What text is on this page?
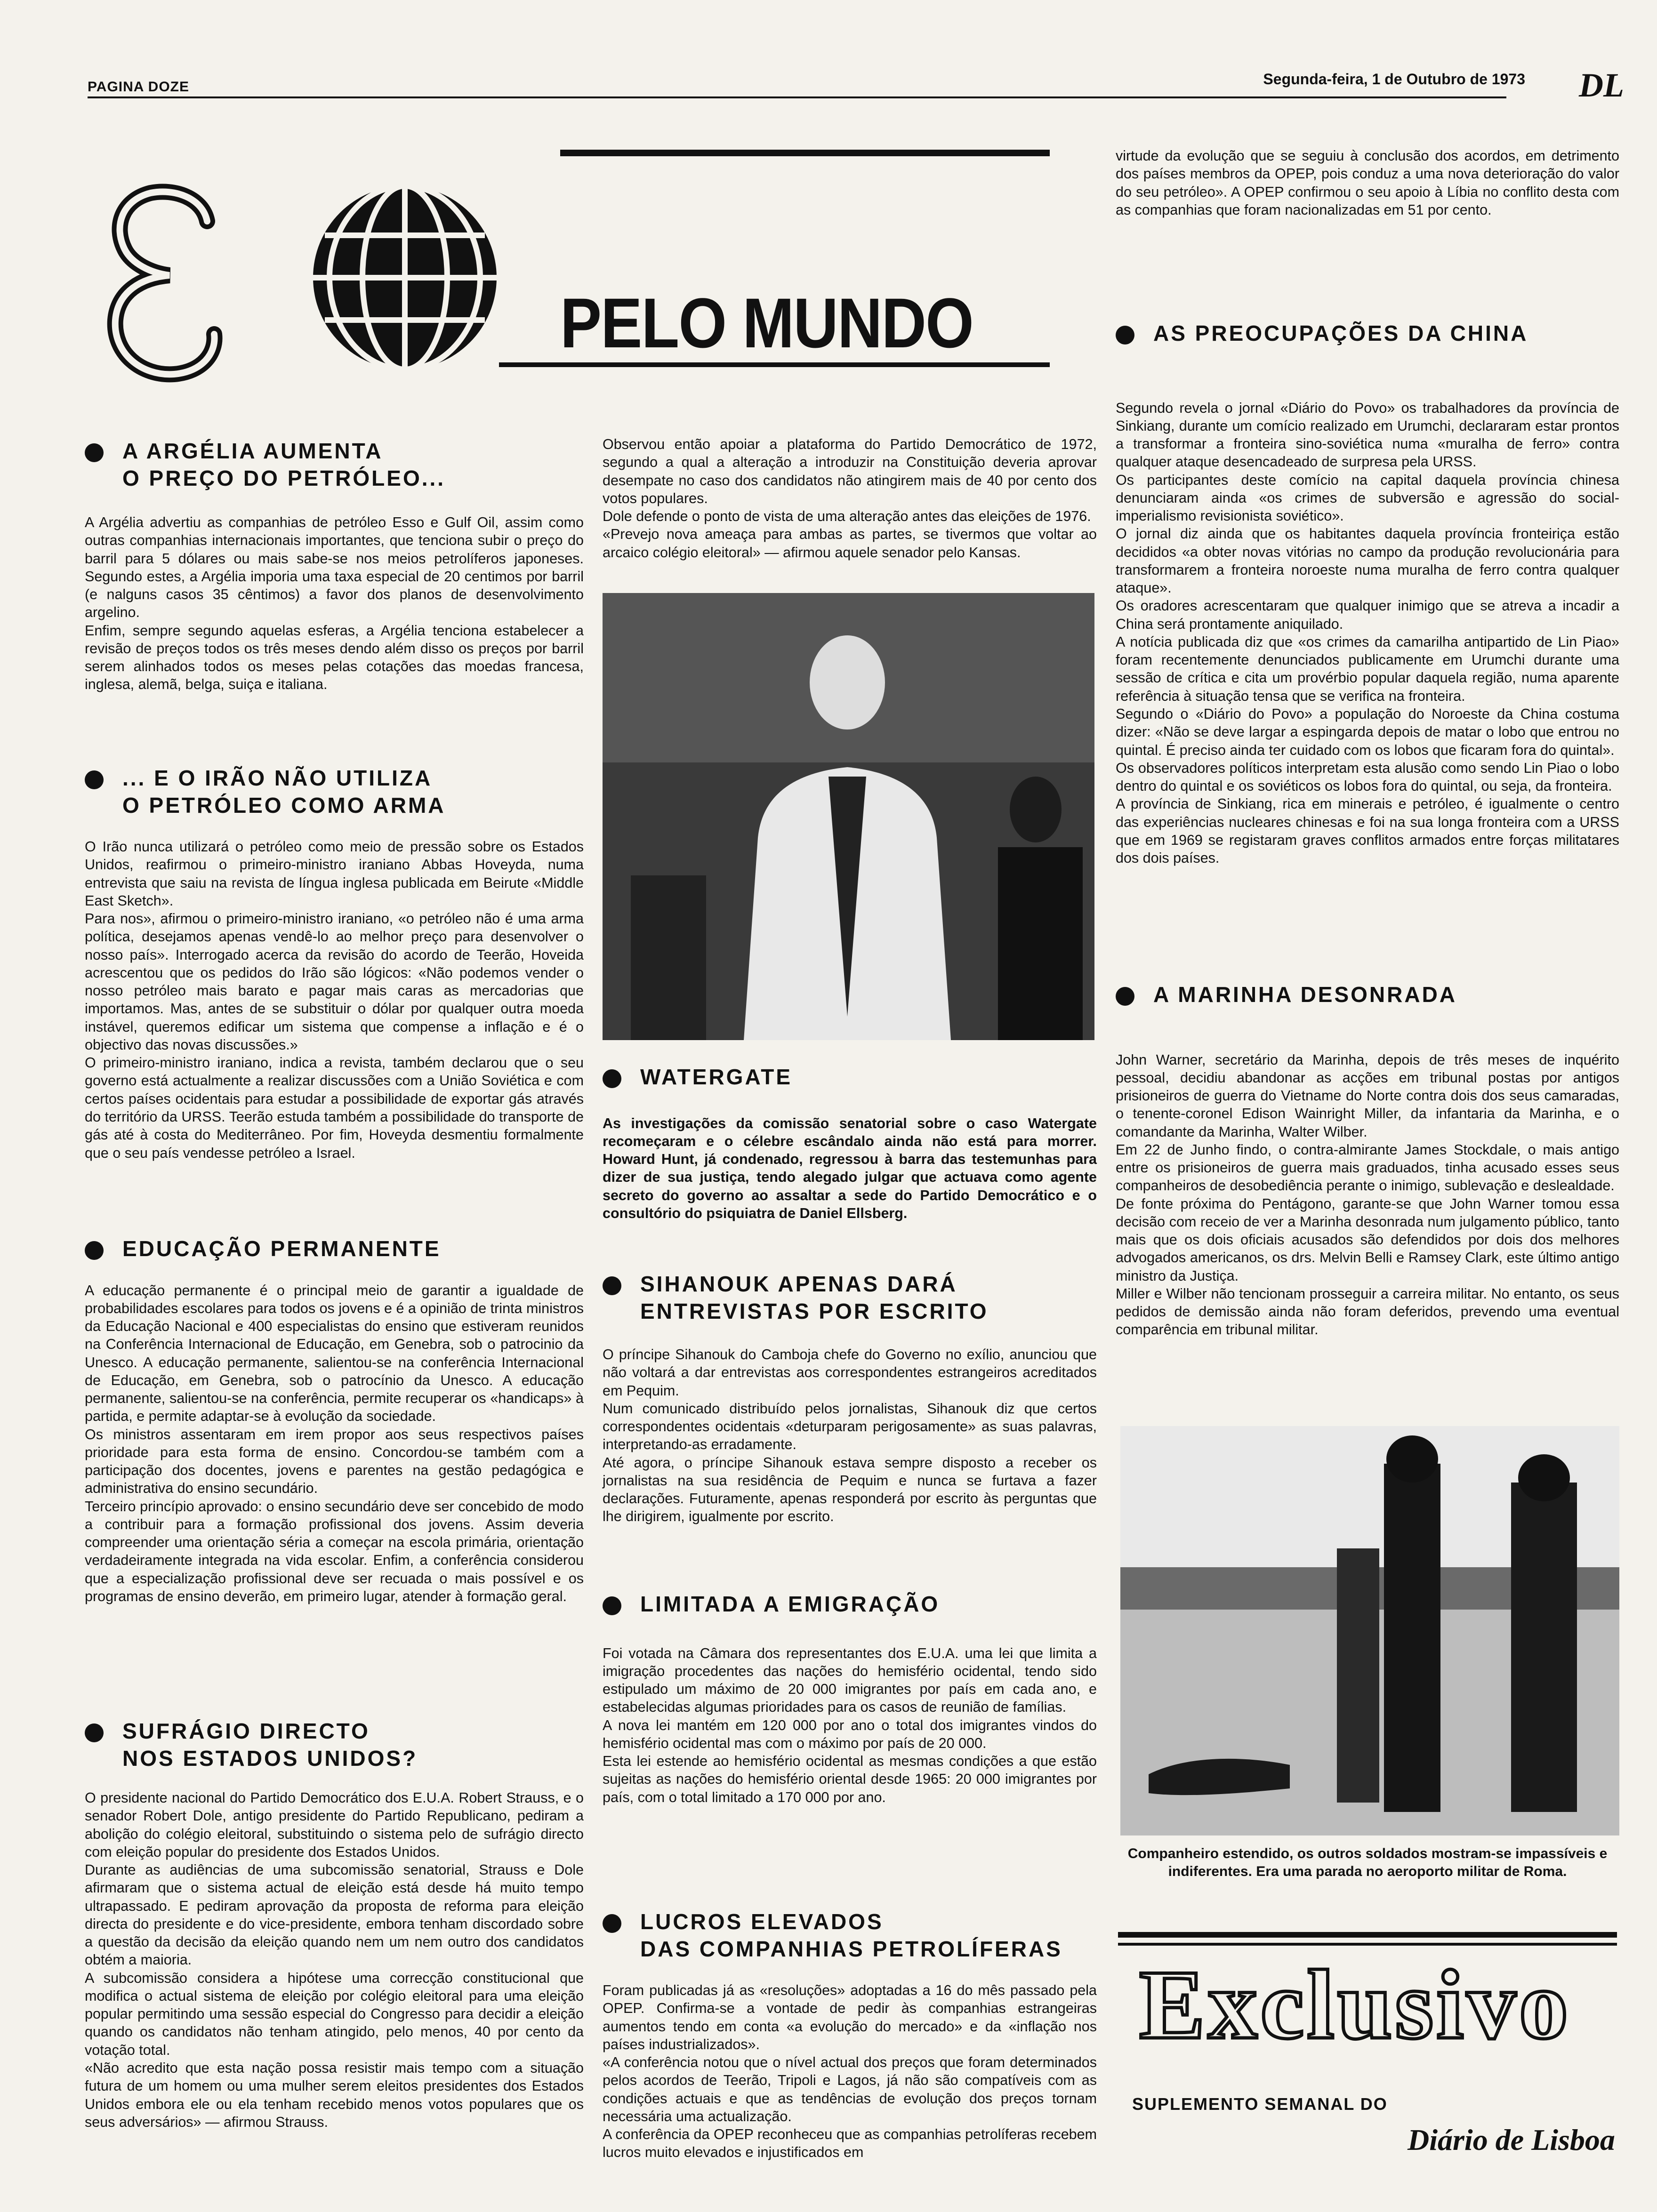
PAGINA DOZE	Segunda-feira, 1 de Outubro de 1973 DL
PELO MUNDO
A ARGÉLIA AUMENTA
O PREÇO DO PETRÓLEO...
A Argélia advertiu as companhias de petróleo Esso e Gulf Oil, assim como outras companhias internacionais importantes, que tenciona subir o preço do barril para 5 dólares ou mais sabe-se nos meios petrolíferos japoneses. Segundo estes, a Argélia imporia uma taxa especial de 20 centimos por barril (e nalguns casos 35 cêntimos) a favor dos planos de desenvolvimento argelino.
Enfim, sempre segundo aquelas esferas, a Argélia tenciona estabelecer a revisão de preços todos os três meses dendo além disso os preços por barril serem alinhados todos os meses pelas cotações das moedas francesa, inglesa, alemã, belga, suiça e italiana.
... E O IRÃO NÃO UTILIZA
O PETRÓLEO COMO ARMA
O Irão nunca utilizará o petróleo como meio de pressão sobre os Estados Unidos, reafirmou o primeiro-ministro iraniano Abbas Hoveyda, numa entrevista que saiu na revista de língua inglesa publicada em Beirute «Middle East Sketch».
Para nos», afirmou o primeiro-ministro iraniano, «o petróleo não é uma arma política, desejamos apenas vendê-lo ao melhor preço para desenvolver o nosso país». Interrogado acerca da revisão do acordo de Teerão, Hoveida acrescentou que os pedidos do Irão são lógicos: «Não podemos vender o nosso petróleo mais barato e pagar mais caras as mercadorias que importamos. Mas, antes de se substituir o dólar por qualquer outra moeda instável, queremos edificar um sistema que compense a inflação e é o objectivo das novas discussões.»
O primeiro-ministro iraniano, indica a revista, também declarou que o seu governo está actualmente a realizar discussões com a União Soviética e com certos países ocidentais para estudar a possibilidade de exportar gás através do território da URSS. Teerão estuda também a possibilidade do transporte de gás até à costa do Mediterrâneo. Por fim, Hoveyda desmentiu formalmente que o seu país vendesse petróleo a Israel.
EDUCAÇÃO PERMANENTE
A educação permanente é o principal meio de garantir a igualdade de probabilidades escolares para todos os jovens e é a opinião de trinta ministros da Educação Nacional e 400 especialistas do ensino que estiveram reunidos na Conferência Internacional de Educação, em Genebra, sob o patrocinio da Unesco. A educação permanente, salientou-se na conferência Internacional de Educação, em Genebra, sob o patrocínio da Unesco. A educação permanente, salientou-se na conferência, permite recuperar os «handicaps» à partida, e permite adaptar-se à evolução da sociedade.
Os ministros assentaram em irem propor aos seus respectivos países prioridade para esta forma de ensino. Concordou-se também com a participação dos docentes, jovens e parentes na gestão pedagógica e administrativa do ensino secundário.
Terceiro princípio aprovado: o ensino secundário deve ser concebido de modo a contribuir para a formação profissional dos jovens. Assim deveria compreender uma orientação séria a começar na escola primária, orientação verdadeiramente integrada na vida escolar. Enfim, a conferência considerou que a especialização profissional deve ser recuada o mais possível e os programas de ensino deverão, em primeiro lugar, atender à formação geral.
SUFRÁGIO DIRECTO
NOS ESTADOS UNIDOS?
O presidente nacional do Partido Democrático dos E.U.A. Robert Strauss, e o senador Robert Dole, antigo presidente do Partido Republicano, pediram a abolição do colégio eleitoral, substituindo o sistema pelo de sufrágio directo com eleição popular do presidente dos Estados Unidos.
Durante as audiências de uma subcomissão senatorial, Strauss e Dole afirmaram que o sistema actual de eleição está desde há muito tempo ultrapassado. E pediram aprovação da proposta de reforma para eleição directa do presidente e do vice-presidente, embora tenham discordado sobre a questão da decisão da eleição quando nem um nem outro dos candidatos obtém a maioria.
A subcomissão considera a hipótese uma correcção constitucional que modifica o actual sistema de eleição por colégio eleitoral para uma eleição popular permitindo uma sessão especial do Congresso para decidir a eleição quando os candidatos não tenham atingido, pelo menos, 40 por cento da votação total.
«Não acredito que esta nação possa resistir mais tempo com a situação futura de um homem ou uma mulher serem eleitos presidentes dos Estados Unidos embora ele ou ela tenham recebido menos votos populares que os seus adversários» — afirmou Strauss.
Observou então apoiar a plataforma do Partido Democrático de 1972, segundo a qual a alteração a introduzir na Constituição deveria aprovar desempate no caso dos candidatos não atingirem mais de 40 por cento dos votos populares.
Dole defende o ponto de vista de uma alteração antes das eleições de 1976.
«Prevejo nova ameaça para ambas as partes, se tivermos que voltar ao arcaico colégio eleitoral» — afirmou aquele senador pelo Kansas.
WATERGATE
As investigações da comissão senatorial sobre o caso Watergate recomeçaram e o célebre escândalo ainda não está para morrer. Howard Hunt, já condenado, regressou à barra das testemunhas para dizer de sua justiça, tendo alegado julgar que actuava como agente secreto do governo ao assaltar a sede do Partido Democrático e o consultório do psiquiatra de Daniel Ellsberg.
SIHANOUK APENAS DARÁ
ENTREVISTAS POR ESCRITO
O príncipe Sihanouk do Camboja chefe do Governo no exílio, anunciou que não voltará a dar entrevistas aos correspondentes estrangeiros acreditados em Pequim.
Num comunicado distribuído pelos jornalistas, Sihanouk diz que certos correspondentes ocidentais «deturparam perigosamente» as suas palavras, interpretando-as erradamente.
Até agora, o príncipe Sihanouk estava sempre disposto a receber os jornalistas na sua residência de Pequim e nunca se furtava a fazer declarações. Futuramente, apenas responderá por escrito às perguntas que lhe dirigirem, igualmente por escrito.
LIMITADA A EMIGRAÇÃO
Foi votada na Câmara dos representantes dos E.U.A. uma lei que limita a imigração procedentes das nações do hemisfério ocidental, tendo sido estipulado um máximo de 20 000 imigrantes por país em cada ano, e estabelecidas algumas prioridades para os casos de reunião de famílias.
A nova lei mantém em 120 000 por ano o total dos imigrantes vindos do hemisfério ocidental mas com o máximo por país de 20 000.
Esta lei estende ao hemisfério ocidental as mesmas condições a que estão sujeitas as nações do hemisfério oriental desde 1965: 20 000 imigrantes por país, com o total limitado a 170 000 por ano.
LUCROS ELEVADOS
DAS COMPANHIAS PETROLÍFERAS
Foram publicadas já as «resoluções» adoptadas a 16 do mês passado pela OPEP. Confirma-se a vontade de pedir às companhias estrangeiras aumentos tendo em conta «a evolução do mercado» e da «inflação nos países industrializados».
«A conferência notou que o nível actual dos preços que foram determinados pelos acordos de Teerão, Tripoli e Lagos, já não são compatíveis com as condições actuais e que as tendências de evolução dos preços tornam necessária uma actualização.
A conferência da OPEP reconheceu que as companhias petrolíferas recebem lucros muito elevados e injustificados em
virtude da evolução que se seguiu à conclusão dos acordos, em detrimento dos países membros da OPEP, pois conduz a uma nova deterioração do valor do seu petróleo». A OPEP confirmou o seu apoio à Líbia no conflito desta com as companhias que foram nacionalizadas em 51 por cento.
AS PREOCUPAÇÕES DA CHINA
Segundo revela o jornal «Diário do Povo» os trabalhadores da província de Sinkiang, durante um comício realizado em Urumchi, declararam estar prontos a transformar a fronteira sino-soviética numa «muralha de ferro» contra qualquer ataque desencadeado de surpresa pela URSS.
Os participantes deste comício na capital daquela província chinesa denunciaram ainda «os crimes de subversão e agressão do social-imperialismo revisionista soviético».
O jornal diz ainda que os habitantes daquela província fronteiriça estão decididos «a obter novas vitórias no campo da produção revolucionária para transformarem a fronteira noroeste numa muralha de ferro contra qualquer ataque».
Os oradores acrescentaram que qualquer inimigo que se atreva a incadir a China será prontamente aniquilado.
A notícia publicada diz que «os crimes da camarilha antipartido de Lin Piao» foram recentemente denunciados publicamente em Urumchi durante uma sessão de crítica e cita um provérbio popular daquela região, numa aparente referência à situação tensa que se verifica na fronteira.
Segundo o «Diário do Povo» a população do Noroeste da China costuma dizer: «Não se deve largar a espingarda depois de matar o lobo que entrou no quintal. É preciso ainda ter cuidado com os lobos que ficaram fora do quintal».
Os observadores políticos interpretam esta alusão como sendo Lin Piao o lobo dentro do quintal e os soviéticos os lobos fora do quintal, ou seja, da fronteira.
A província de Sinkiang, rica em minerais e petróleo, é igualmente o centro das experiências nucleares chinesas e foi na sua longa fronteira com a URSS que em 1969 se registaram graves conflitos armados entre forças militatares dos dois países.
A MARINHA DESONRADA
John Warner, secretário da Marinha, depois de três meses de inquérito pessoal, decidiu abandonar as acções em tribunal postas por antigos prisioneiros de guerra do Vietname do Norte contra dois dos seus camaradas, o tenente-coronel Edison Wainright Miller, da infantaria da Marinha, e o comandante da Marinha, Walter Wilber.
Em 22 de Junho findo, o contra-almirante James Stockdale, o mais antigo entre os prisioneiros de guerra mais graduados, tinha acusado esses seus companheiros de desobediência perante o inimigo, sublevação e deslealdade.
De fonte próxima do Pentágono, garante-se que John Warner tomou essa decisão com receio de ver a Marinha desonrada num julgamento público, tanto mais que os dois oficiais acusados são defendidos por dois dos melhores advogados americanos, os drs. Melvin Belli e Ramsey Clark, este último antigo ministro da Justiça.
Miller e Wilber não tencionam prosseguir a carreira militar. No entanto, os seus pedidos de demissão ainda não foram deferidos, prevendo uma eventual comparência em tribunal militar.
Companheiro estendido, os outros soldados mostram-se impassíveis e indiferentes. Era uma parada no aeroporto militar de Roma.
Exclusivo
SUPLEMENTO SEMANAL DO
Diário de Lisboa
